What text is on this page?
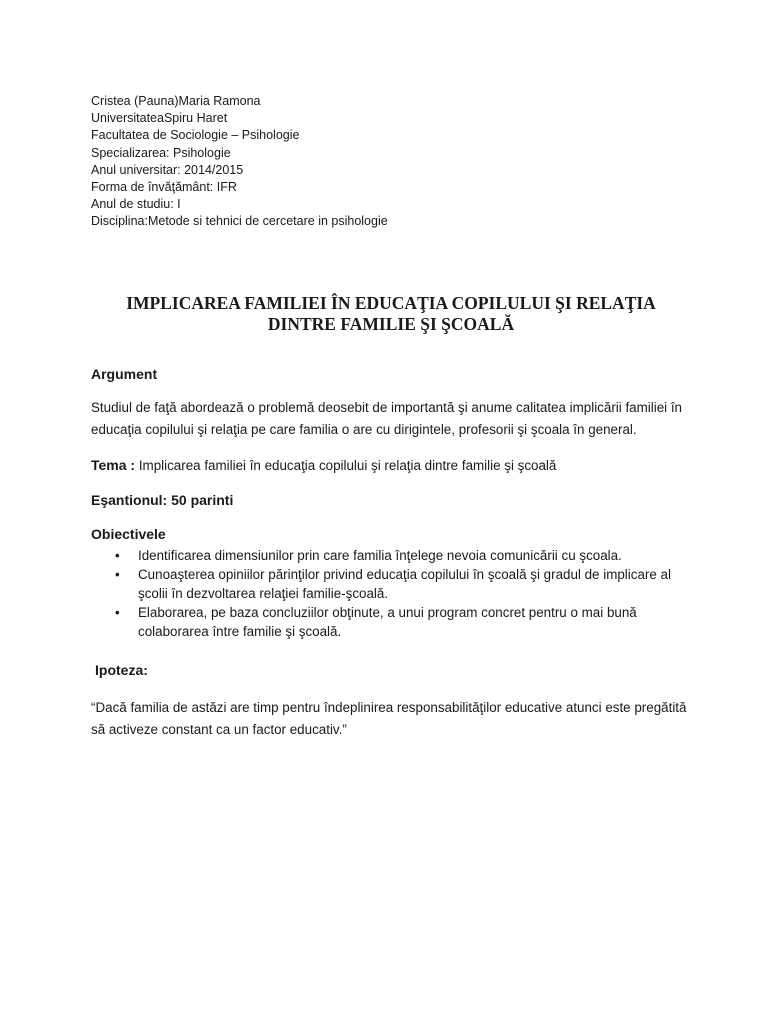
Cristea (Pauna)Maria Ramona
UniversitateaSpiru Haret
Facultatea de Sociologie – Psihologie
Specializarea: Psihologie
Anul universitar: 2014/2015
Forma de învăţământ: IFR
Anul de studiu: I
Disciplina:Metode si tehnici de cercetare in psihologie
IMPLICAREA FAMILIEI ÎN EDUCAŢIA COPILULUI ŞI RELAŢIA
DINTRE FAMILIE ŞI ŞCOALĂ
Argument
Studiul de faţă abordează o problemă deosebit de importantă şi anume calitatea implicării familiei în educaţia copilului şi relaţia pe care familia o are cu dirigintele, profesorii şi şcoala în general.
Tema : Implicarea familiei în educaţia copilului şi relaţia dintre familie şi şcoală
Eşantionul: 50 parinti
Obiectivele
• Identificarea dimensiunilor prin care familia înţelege nevoia comunicării cu şcoala.
• Cunoaşterea opiniilor părinţilor privind educaţia copilului în şcoală şi gradul de implicare al şcolii în dezvoltarea relaţiei familie-şcoală.
• Elaborarea, pe baza concluziilor obţinute, a unui program concret pentru o mai bună colaborarea între familie şi şcoală.
Ipoteza:
“Dacă familia de astăzi are timp pentru îndeplinirea responsabilităţilor educative atunci este pregătită să activeze constant ca un factor educativ.”
